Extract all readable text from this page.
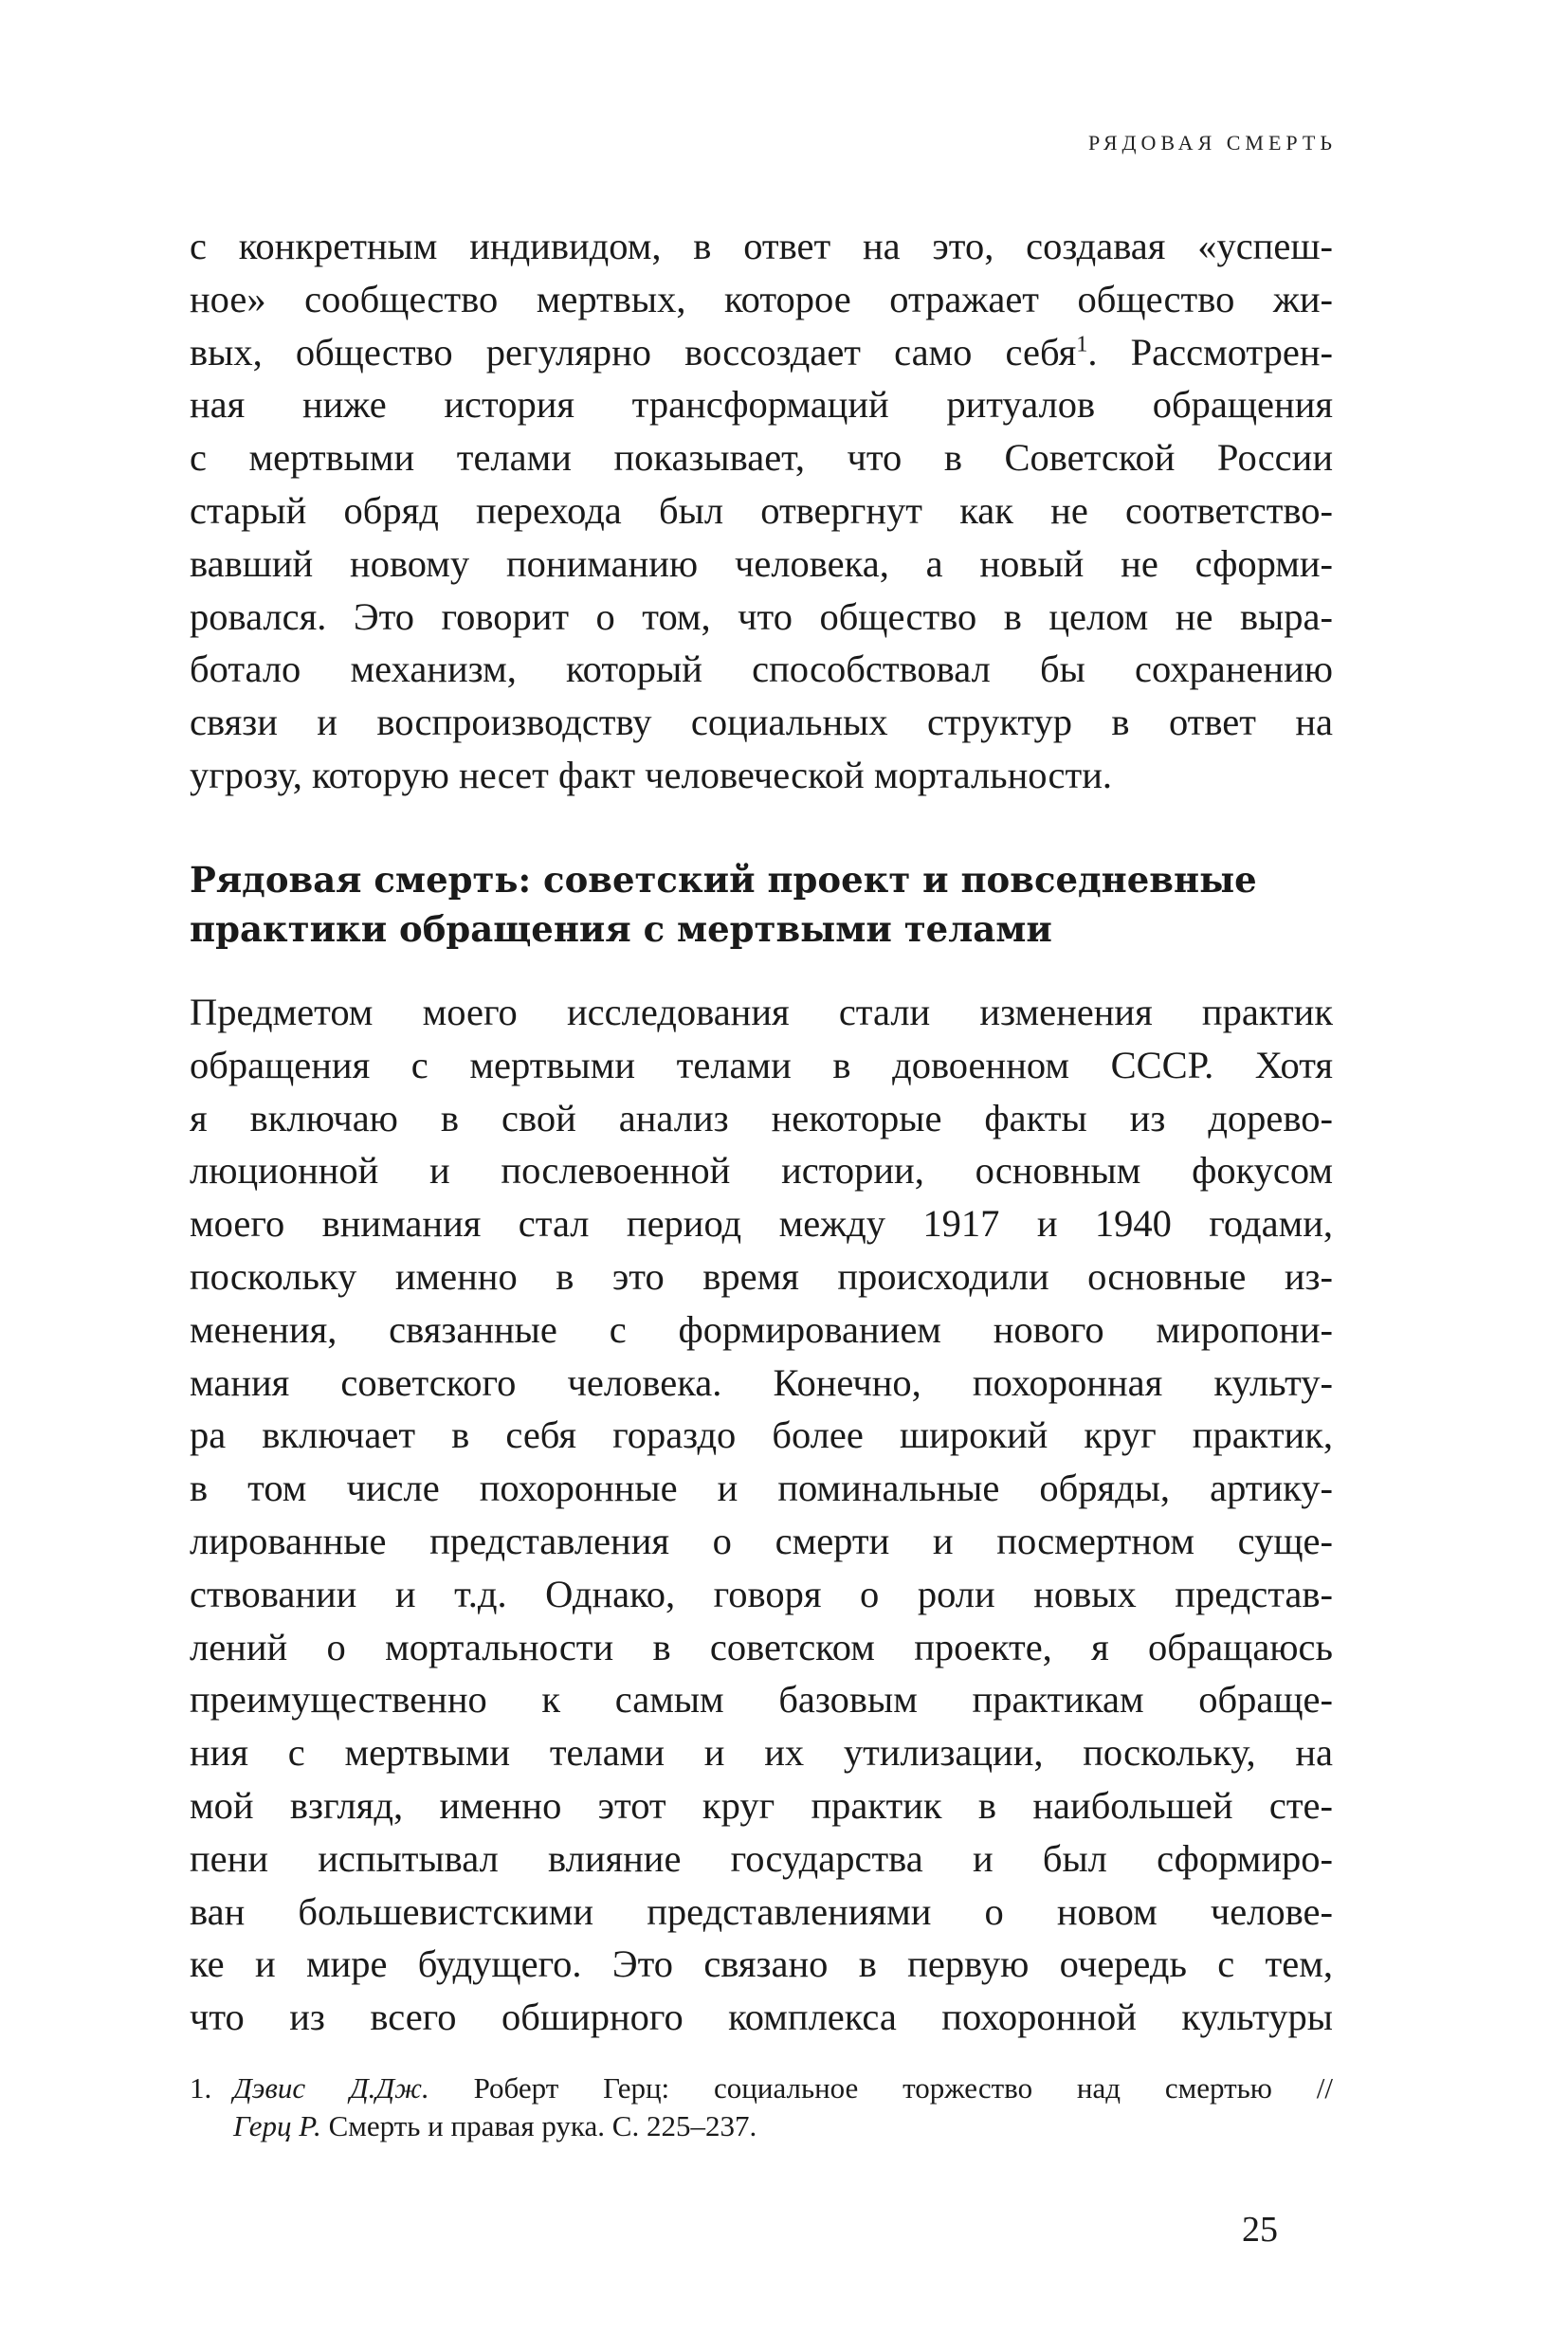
РЯДОВАЯ СМЕРТЬ
с конкретным индивидом, в ответ на это, создавая «успеш-
ное» сообщество мертвых, которое отражает общество жи-
вых, общество регулярно воссоздает само себя$^1$. Рассмотрен-
ная ниже история трансформаций ритуалов обращения
с мертвыми телами показывает, что в Советской России
старый обряд перехода был отвергнут как не соответство-
вавший новому пониманию человека, а новый не сформи-
ровался. Это говорит о том, что общество в целом не выра-
ботало механизм, который способствовал бы сохранению
связи и воспроизводству социальных структур в ответ на
угрозу, которую несет факт человеческой мортальности.
Рядовая смерть: советский проект и повседневные
практики обращения с мертвыми телами
Предметом моего исследования стали изменения практик
обращения с мертвыми телами в довоенном СССР. Хотя
я включаю в свой анализ некоторые факты из дорево-
люционной и послевоенной истории, основным фокусом
моего внимания стал период между 1917 и 1940 годами,
поскольку именно в это время происходили основные из-
менения, связанные с формированием нового миропони-
мания советского человека. Конечно, похоронная культу-
ра включает в себя гораздо более широкий круг практик,
в том числе похоронные и поминальные обряды, артику-
лированные представления о смерти и посмертном суще-
ствовании и т.д. Однако, говоря о роли новых представ-
лений о мортальности в советском проекте, я обращаюсь
преимущественно к самым базовым практикам обраще-
ния с мертвыми телами и их утилизации, поскольку, на
мой взгляд, именно этот круг практик в наибольшей сте-
пени испытывал влияние государства и был сформиро-
ван большевистскими представлениями о новом челове-
ке и мире будущего. Это связано в первую очередь с тем,
что из всего обширного комплекса похоронной культуры
1. Дэвис Д.Дж. Роберт Герц: социальное торжество над смертью //
Герц Р. Смерть и правая рука. С. 225–237.
25
